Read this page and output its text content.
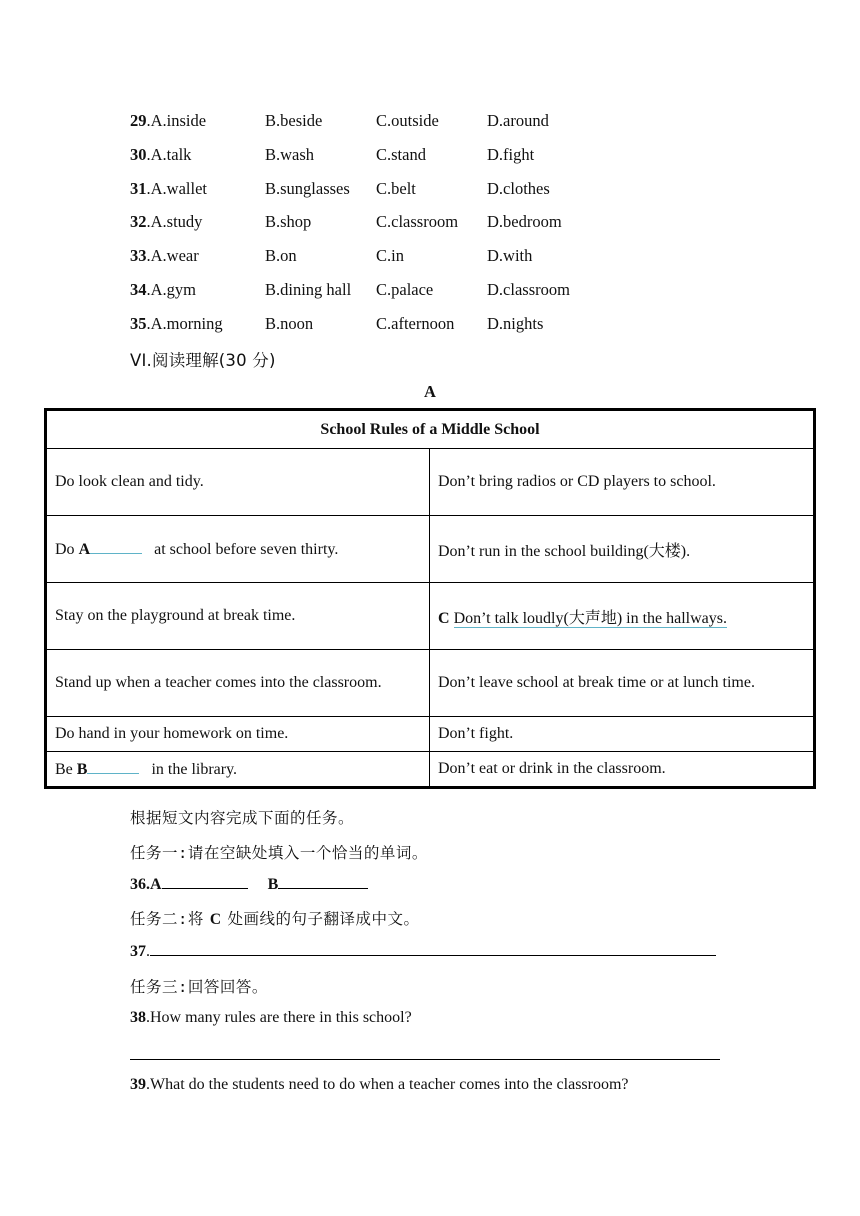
29.A.inside	B.beside	C.outside	D.around
30.A.talk	B.wash	C.stand	D.fight
31.A.wallet	B.sunglasses C.belt	D.clothes
32.A.study	B.shop	C.classroom D.bedroom
33.A.wear	B.on	C.in	D.with
34.A.gym	B.dining hall C.palace	D.classroom
35.A.morning	B.noon	C.afternoon D.nights
VI.阅读理解(30 分)
A
School Rules of a Middle School	
Do look clean and tidy.	Don’t bring radios or CD players to school.
Do A at school before seven thirty.	Don’t run in the school building(大楼).
Stay on the playground at break time.	C Don’t talk loudly(大声地) in the hallways.
Stand up when a teacher comes into the classroom.	Don’t leave school at break time or at lunch time.
Do hand in your homework on time.	Don’t fight.
Be B in the library.	Don’t eat or drink in the classroom.
根据短文内容完成下面的任务。
任务一:请在空缺处填入一个恰当的单词。
36.A	B
任务二:将 C 处画线的句子翻译成中文。
37.
任务三:回答回答。
38.How many rules are there in this school?
39.What do the students need to do when a teacher comes into the classroom?
